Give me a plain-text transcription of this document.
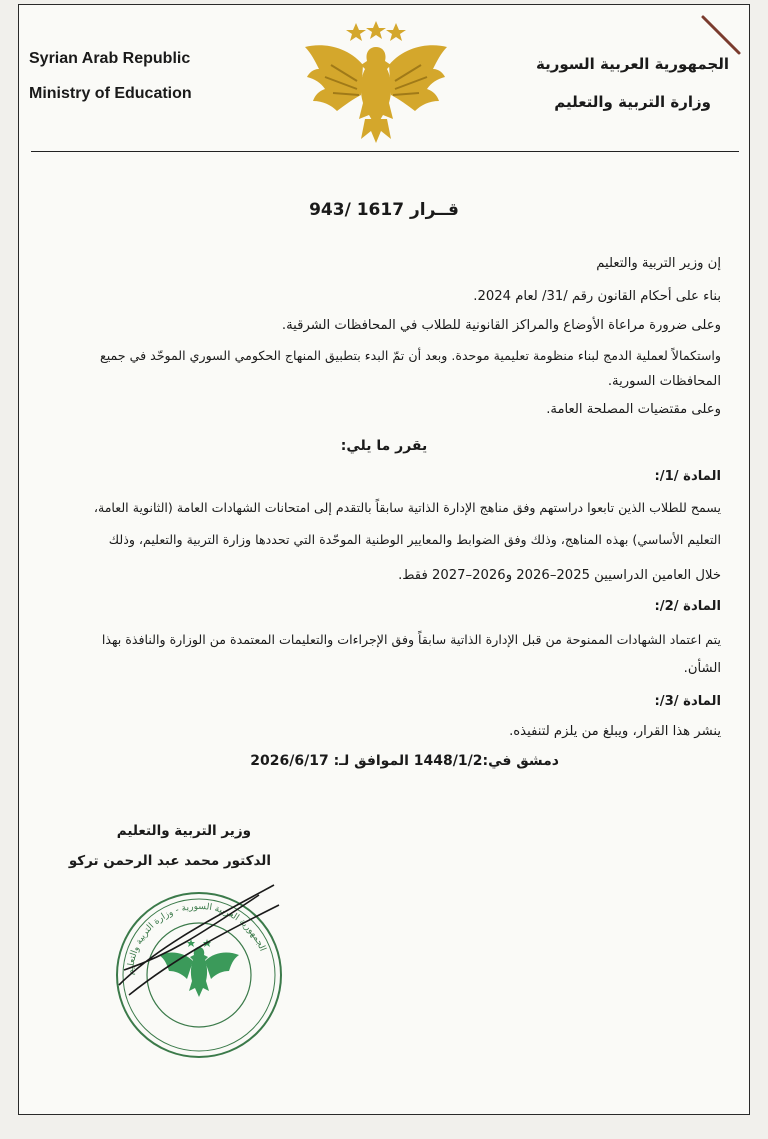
Syrian Arab Republic
Ministry of Education
الجمهورية العربية السورية
وزارة التربية والتعليم
قــرار 1617 /943
إن وزير التربية والتعليم
بناء على أحكام القانون رقم /31/ لعام 2024.
وعلى ضرورة مراعاة الأوضاع والمراكز القانونية للطلاب في المحافظات الشرقية.
واستكمالاً لعملية الدمج لبناء منظومة تعليمية موحدة. وبعد أن تمّ البدء بتطبيق المنهاج الحكومي السوري الموحّد في جميع
المحافظات السورية.
وعلى مقتضيات المصلحة العامة.
يقرر ما يلي:
المادة /1/:
يسمح للطلاب الذين تابعوا دراستهم وفق مناهج الإدارة الذاتية سابقاً بالتقدم إلى امتحانات الشهادات العامة (الثانوية العامة،
التعليم الأساسي) بهذه المناهج، وذلك وفق الضوابط والمعايير الوطنية الموحّدة التي تحددها وزارة التربية والتعليم، وذلك
خلال العامين الدراسيين 2025–2026 و2026–2027 فقط.
المادة /2/:
يتم اعتماد الشهادات الممنوحة من قبل الإدارة الذاتية سابقاً وفق الإجراءات والتعليمات المعتمدة من الوزارة والنافذة بهذا
الشأن.
المادة /3/:
ينشر هذا القرار، ويبلغ من يلزم لتنفيذه.
دمشق في:1448/1/2 الموافق لـ: 2026/6/17
وزير التربية والتعليم
الدكتور محمد عبد الرحمن تركو
الجمهورية العربية السورية - وزارة التربية والتعليم
